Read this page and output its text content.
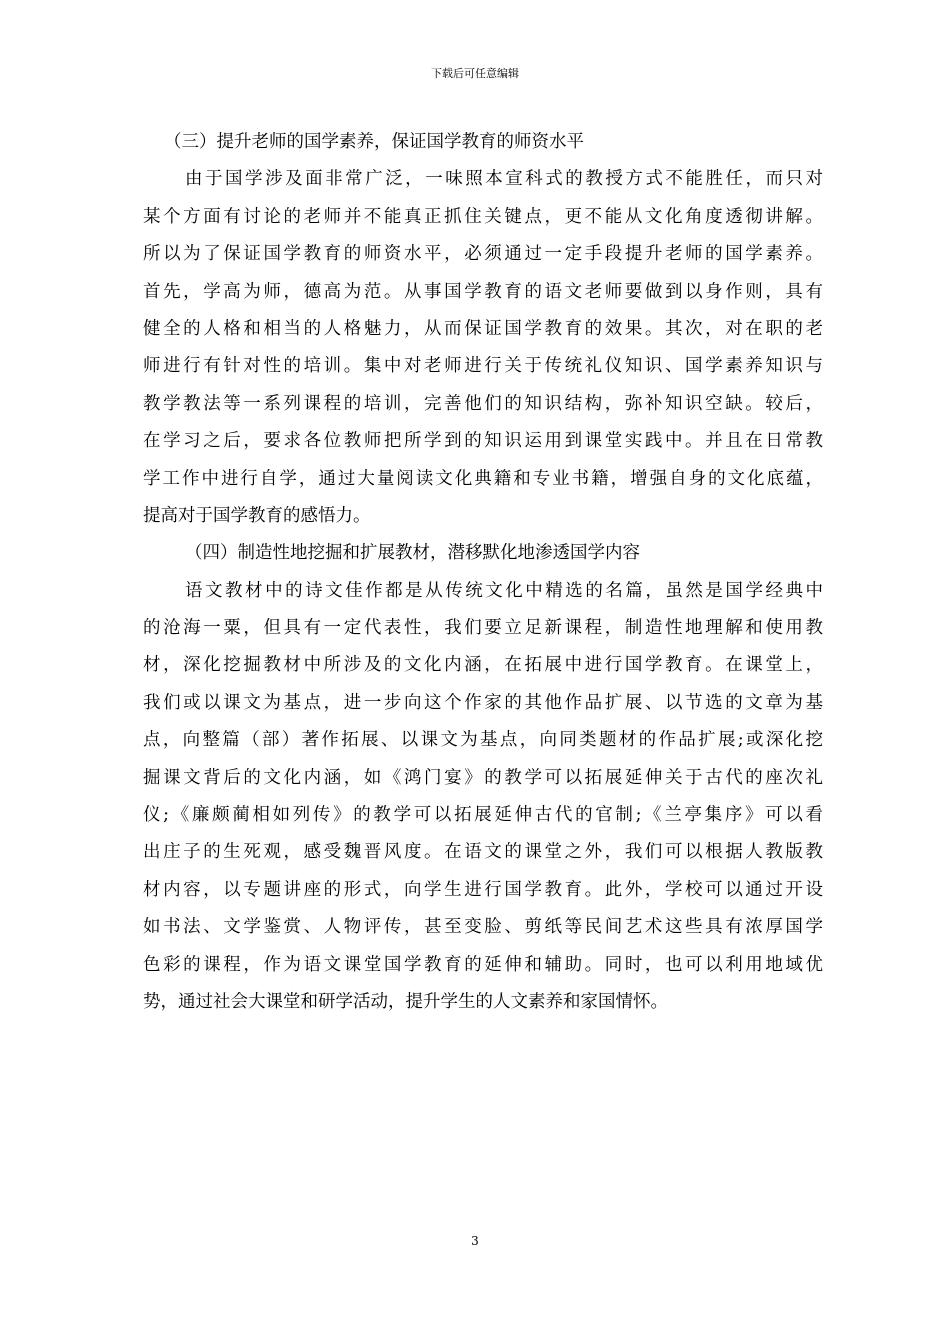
下载后可任意编辑
（三）提升老师的国学素养，保证国学教育的师资水平
由于国学涉及面非常广泛，一味照本宣科式的教授方式不能胜任，而只对
某个方面有讨论的老师并不能真正抓住关键点，更不能从文化角度透彻讲解。
所以为了保证国学教育的师资水平，必须通过一定手段提升老师的国学素养。
首先，学高为师，德高为范。从事国学教育的语文老师要做到以身作则，具有
健全的人格和相当的人格魅力，从而保证国学教育的效果。其次，对在职的老
师进行有针对性的培训。集中对老师进行关于传统礼仪知识、国学素养知识与
教学教法等一系列课程的培训，完善他们的知识结构，弥补知识空缺。较后，
在学习之后，要求各位教师把所学到的知识运用到课堂实践中。并且在日常教
学工作中进行自学，通过大量阅读文化典籍和专业书籍，增强自身的文化底蕴，
提高对于国学教育的感悟力。
（四）制造性地挖掘和扩展教材，潜移默化地渗透国学内容
语文教材中的诗文佳作都是从传统文化中精选的名篇，虽然是国学经典中
的沧海一粟，但具有一定代表性，我们要立足新课程，制造性地理解和使用教
材，深化挖掘教材中所涉及的文化内涵，在拓展中进行国学教育。在课堂上，
我们或以课文为基点，进一步向这个作家的其他作品扩展、以节选的文章为基
点，向整篇（部）著作拓展、以课文为基点，向同类题材的作品扩展;或深化挖
掘课文背后的文化内涵，如《鸿门宴》的教学可以拓展延伸关于古代的座次礼
仪;《廉颇蔺相如列传》的教学可以拓展延伸古代的官制;《兰亭集序》可以看
出庄子的生死观，感受魏晋风度。在语文的课堂之外，我们可以根据人教版教
材内容，以专题讲座的形式，向学生进行国学教育。此外，学校可以通过开设
如书法、文学鉴赏、人物评传，甚至变脸、剪纸等民间艺术这些具有浓厚国学
色彩的课程，作为语文课堂国学教育的延伸和辅助。同时，也可以利用地域优
势，通过社会大课堂和研学活动，提升学生的人文素养和家国情怀。
3
